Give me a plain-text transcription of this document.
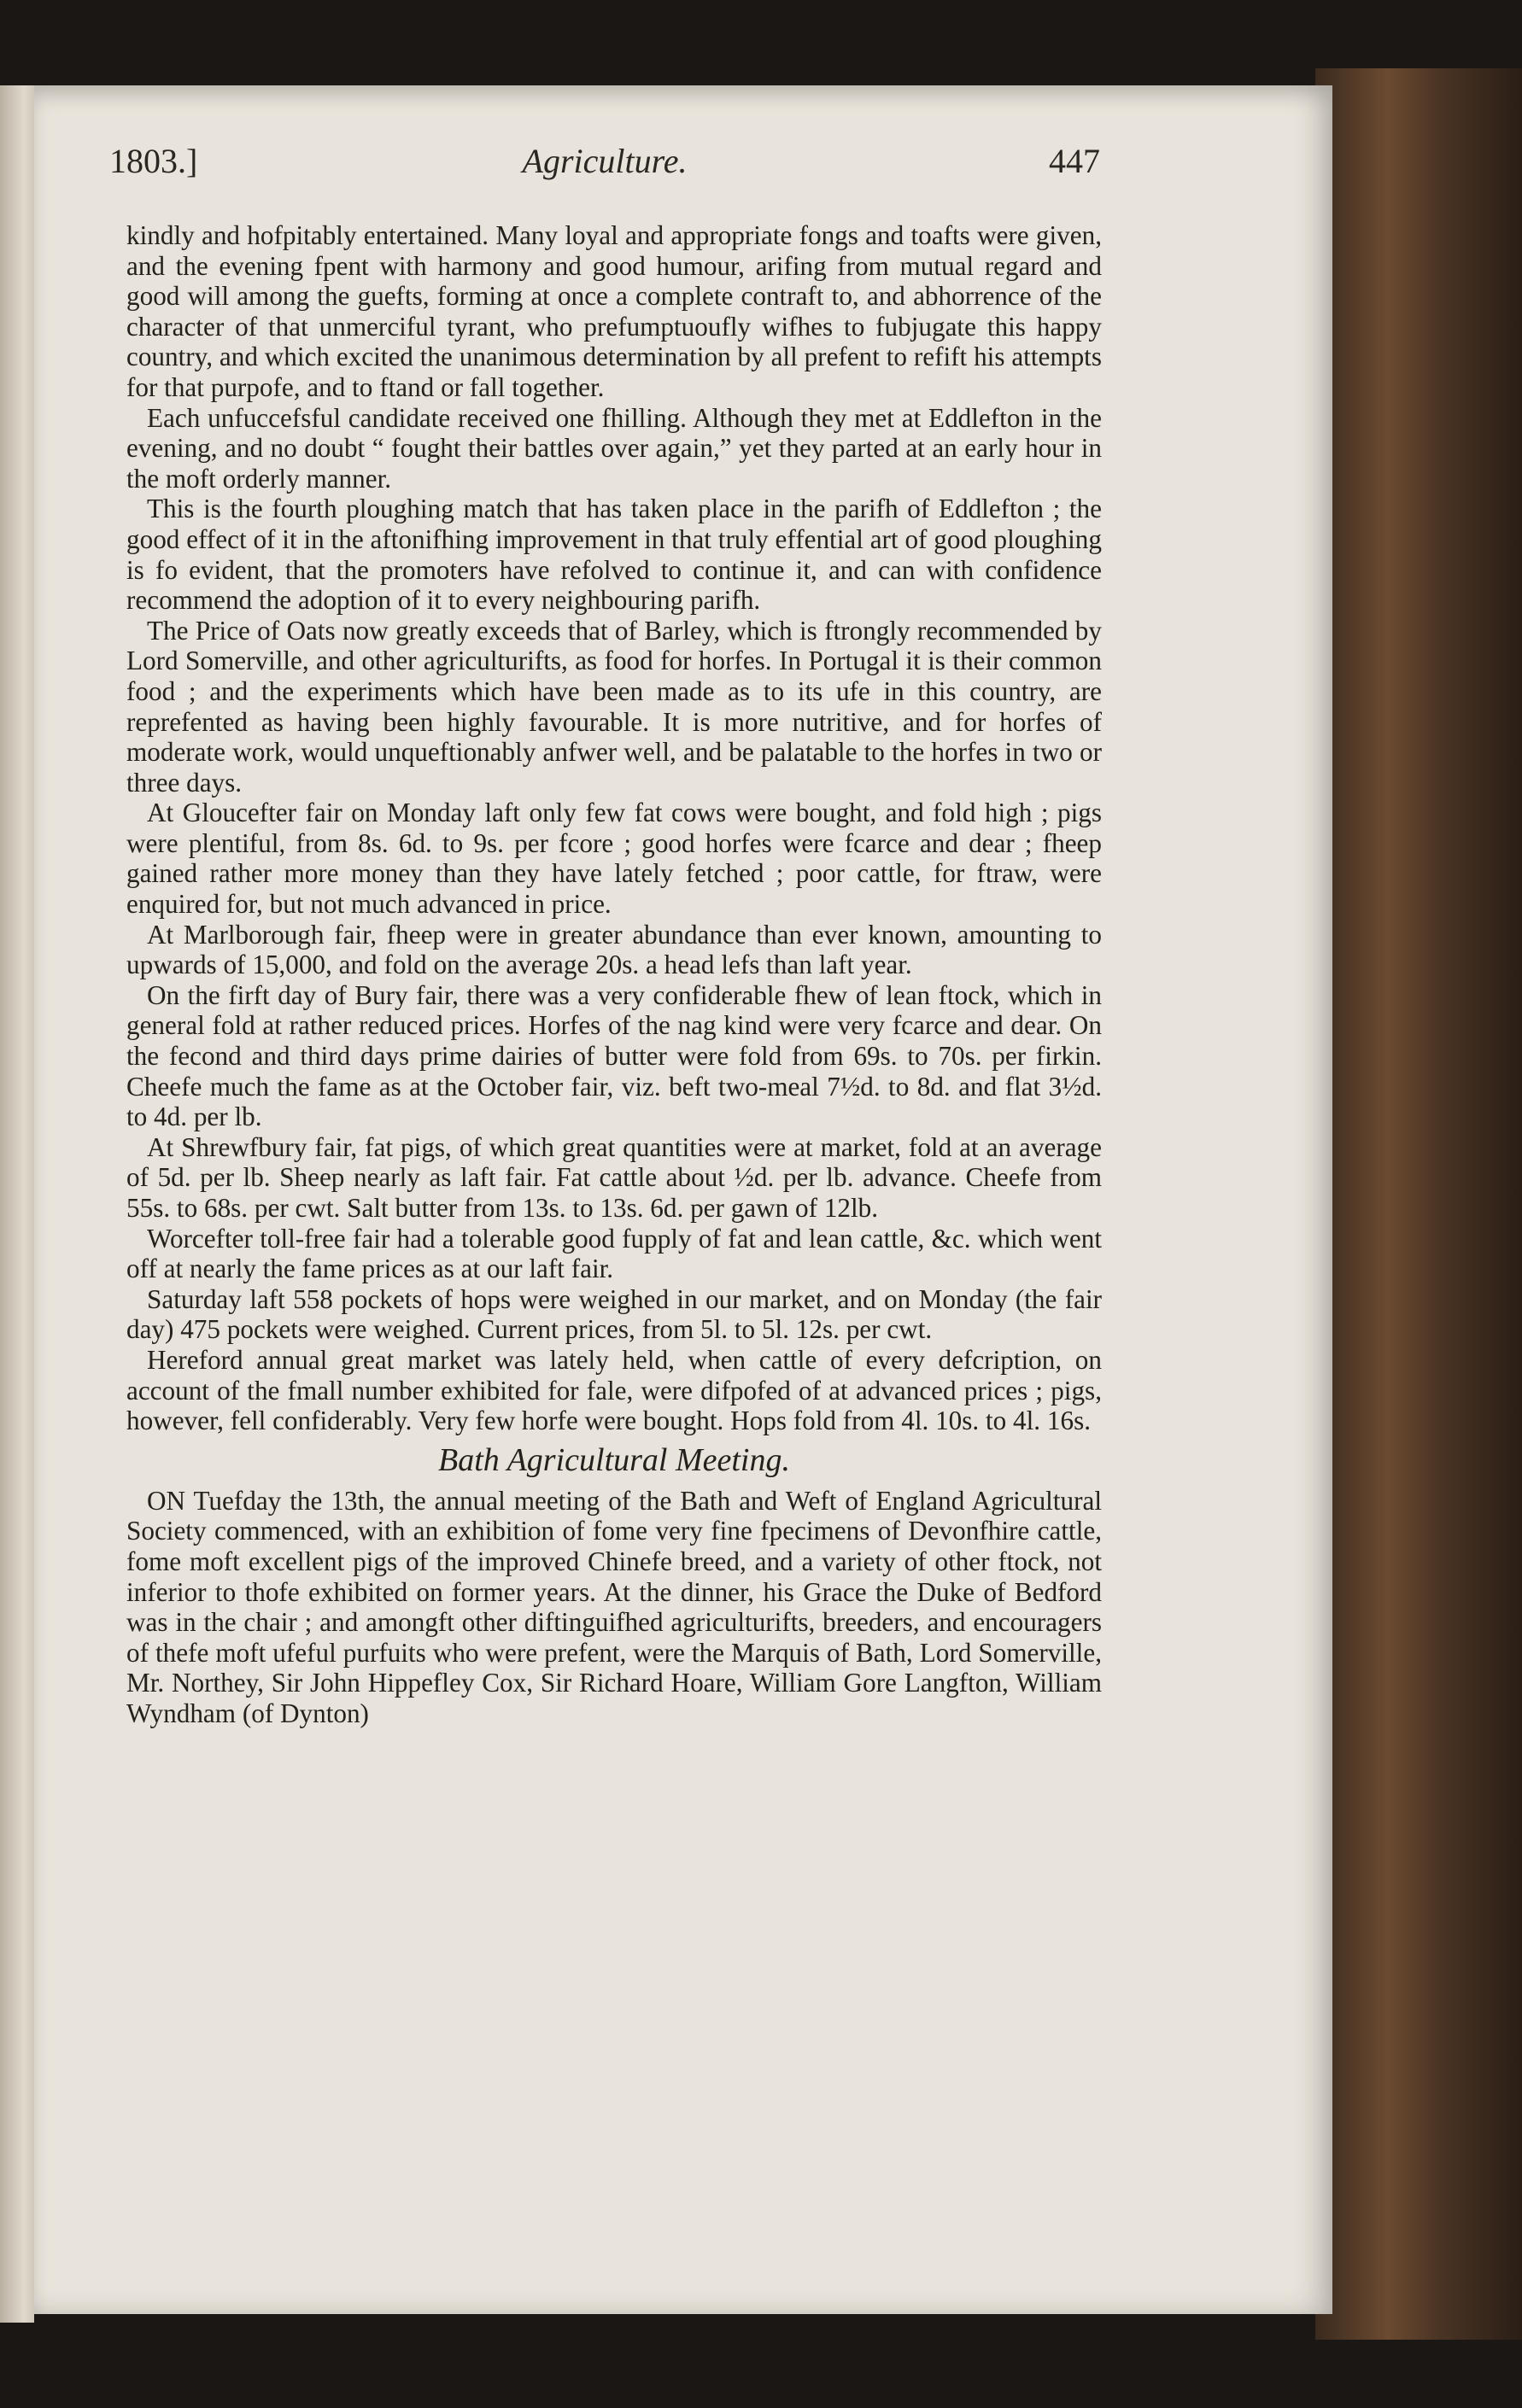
1803.]	Agriculture.	447

kindly and hofpitably entertained. Many loyal and appropriate fongs and toafts were given, and the evening fpent with harmony and good humour, arifing from mutual regard and good will among the guefts, forming at once a complete contraft to, and abhorrence of the character of that unmerciful tyrant, who prefumptuoufly wifhes to fubjugate this happy country, and which excited the unanimous determination by all prefent to refift his attempts for that purpofe, and to ftand or fall together.

Each unfuccefsful candidate received one fhilling. Although they met at Eddlefton in the evening, and no doubt “ fought their battles over again,” yet they parted at an early hour in the moft orderly manner.

This is the fourth ploughing match that has taken place in the parifh of Eddlefton ; the good effect of it in the aftonifhing improvement in that truly effential art of good ploughing is fo evident, that the promoters have refolved to continue it, and can with confidence recommend the adoption of it to every neighbouring parifh.

The Price of Oats now greatly exceeds that of Barley, which is ftrongly recommended by Lord Somerville, and other agriculturifts, as food for horfes. In Portugal it is their common food ; and the experiments which have been made as to its ufe in this country, are reprefented as having been highly favourable. It is more nutritive, and for horfes of moderate work, would unqueftionably anfwer well, and be palatable to the horfes in two or three days.

At Gloucefter fair on Monday laft only few fat cows were bought, and fold high ; pigs were plentiful, from 8s. 6d. to 9s. per fcore ; good horfes were fcarce and dear ; fheep gained rather more money than they have lately fetched ; poor cattle, for ftraw, were enquired for, but not much advanced in price.

At Marlborough fair, fheep were in greater abundance than ever known, amounting to upwards of 15,000, and fold on the average 20s. a head lefs than laft year.

On the firft day of Bury fair, there was a very confiderable fhew of lean ftock, which in general fold at rather reduced prices. Horfes of the nag kind were very fcarce and dear. On the fecond and third days prime dairies of butter were fold from 69s. to 70s. per firkin. Cheefe much the fame as at the October fair, viz. beft two-meal 7½d. to 8d. and flat 3½d. to 4d. per lb.

At Shrewfbury fair, fat pigs, of which great quantities were at market, fold at an average of 5d. per lb. Sheep nearly as laft fair. Fat cattle about ½d. per lb. advance. Cheefe from 55s. to 68s. per cwt. Salt butter from 13s. to 13s. 6d. per gawn of 12lb.

Worcefter toll-free fair had a tolerable good fupply of fat and lean cattle, &c. which went off at nearly the fame prices as at our laft fair.

Saturday laft 558 pockets of hops were weighed in our market, and on Monday (the fair day) 475 pockets were weighed. Current prices, from 5l. to 5l. 12s. per cwt.

Hereford annual great market was lately held, when cattle of every defcription, on account of the fmall number exhibited for fale, were difpofed of at advanced prices ; pigs, however, fell confiderably. Very few horfe were bought. Hops fold from 4l. 10s. to 4l. 16s.

Bath Agricultural Meeting.

ON Tuefday the 13th, the annual meeting of the Bath and Weft of England Agricultural Society commenced, with an exhibition of fome very fine fpecimens of Devonfhire cattle, fome moft excellent pigs of the improved Chinefe breed, and a variety of other ftock, not inferior to thofe exhibited on former years. At the dinner, his Grace the Duke of Bedford was in the chair ; and amongft other diftinguifhed agriculturifts, breeders, and encouragers of thefe moft ufeful purfuits who were prefent, were the Marquis of Bath, Lord Somerville, Mr. Northey, Sir John Hippefley Cox, Sir Richard Hoare, William Gore Langfton, William Wyndham (of Dynton)
